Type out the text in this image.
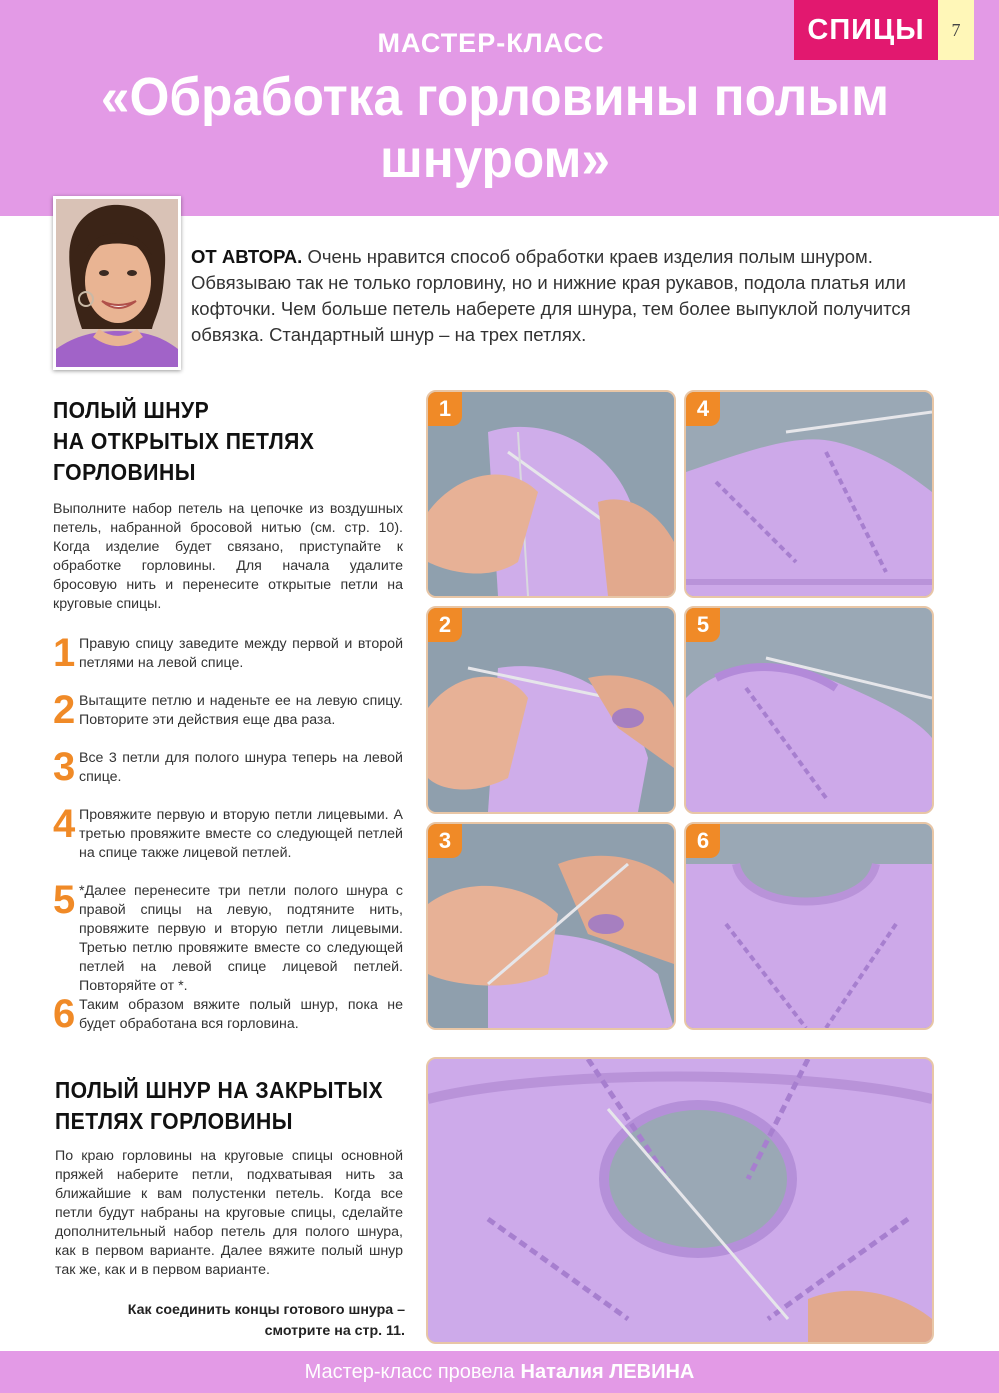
МАСТЕР-КЛАСС
«Обработка горловины полым шнуром»
СПИЦЫ	7
ОТ АВТОРА. Очень нравится способ обработки краев изделия полым шнуром. Обвязываю так не только горловину, но и нижние края рукавов, подола платья или кофточки. Чем больше петель наберете для шнура, тем более выпуклой получится обвязка. Стандартный шнур – на трех петлях.
ПОЛЫЙ ШНУР
НА ОТКРЫТЫХ ПЕТЛЯХ
ГОРЛОВИНЫ
Выполните набор петель на цепочке из воздушных петель, набранной бросовой нитью (см. стр. 10). Когда изделие будет связано, приступайте к обработке горловины. Для начала удалите бросовую нить и перенесите открытые петли на круговые спицы.
1 Правую спицу заведите между первой и второй петлями на левой спице.
2 Вытащите петлю и наденьте ее на левую спицу. Повторите эти действия еще два раза.
3 Все 3 петли для полого шнура теперь на левой спице.
4 Провяжите первую и вторую петли лицевыми. А третью провяжите вместе со следующей петлей на спице также лицевой петлей.
5 *Далее перенесите три петли полого шнура с правой спицы на левую, подтяните нить, провяжите первую и вторую петли лицевыми. Третью петлю провяжите вместе со следующей петлей на левой спице лицевой петлей. Повторяйте от *.
6 Таким образом вяжите полый шнур, пока не будет обработана вся горловина.
ПОЛЫЙ ШНУР НА ЗАКРЫТЫХ
ПЕТЛЯХ ГОРЛОВИНЫ
По краю горловины на круговые спицы основной пряжей наберите петли, подхватывая нить за ближайшие к вам полустенки петель. Когда все петли будут набраны на круговые спицы, сделайте дополнительный набор петель для полого шнура, как в первом варианте. Далее вяжите полый шнур так же, как и в первом варианте.
Как соединить концы готового шнура – смотрите на стр. 11.
1	4
2	5
3	6
Мастер-класс провела Наталия ЛЕВИНА
